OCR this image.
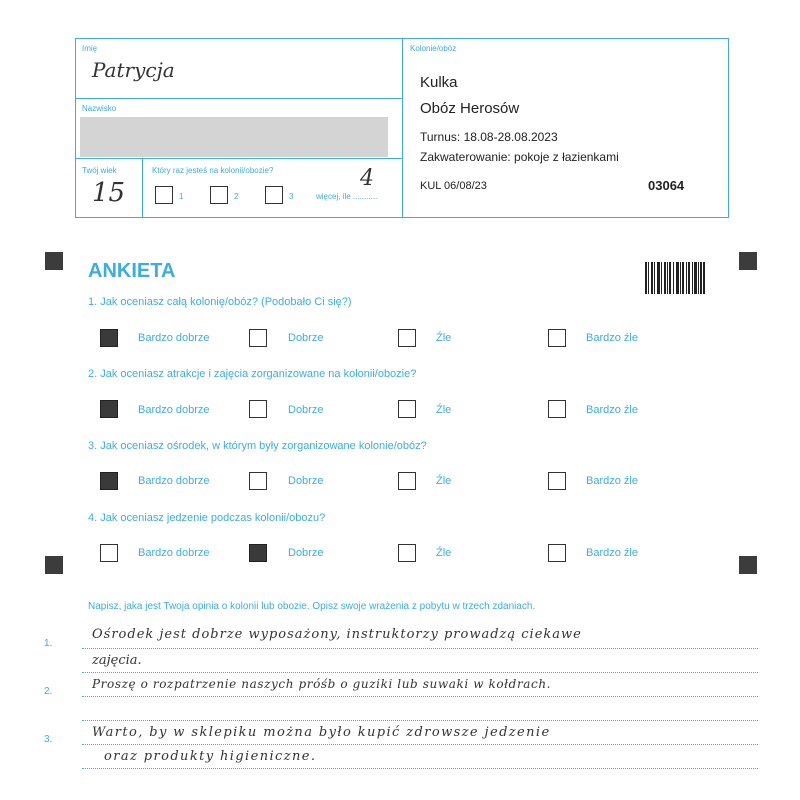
Imię
Patrycja
Nazwisko
Twój wiek
15
Który raz jesteś na kolonii/obozie?
1	2	3	więcej, ile ...........
4
Kolonie/obóz
Kulka
Obóz Herosów
Turnus: 18.08-28.08.2023
Zakwaterowanie: pokoje z łazienkami
KUL 06/08/23	03064
ANKIETA
1. Jak oceniasz całą kolonię/obóz? (Podobało Ci się?)
Bardzo dobrze	Dobrze	Źle	Bardzo źle
2. Jak oceniasz atrakcje i zajęcia zorganizowane na kolonii/obozie?
Bardzo dobrze	Dobrze	Źle	Bardzo źle
3. Jak oceniasz ośrodek, w którym były zorganizowane kolonie/obóz?
Bardzo dobrze	Dobrze	Źle	Bardzo źle
4. Jak oceniasz jedzenie podczas kolonii/obozu?
Bardzo dobrze	Dobrze	Źle	Bardzo źle
Napisz, jaka jest Twoja opinia o kolonii lub obozie. Opisz swoje wrażenia z pobytu w trzech zdaniach.
1.
2.
3.
Ośrodek jest dobrze wyposażony, instruktorzy prowadzą ciekawe
zajęcia.
Proszę o rozpatrzenie naszych próśb o guziki lub suwaki w kołdrach.
Warto, by w sklepiku można było kupić zdrowsze jedzenie
oraz produkty higieniczne.
